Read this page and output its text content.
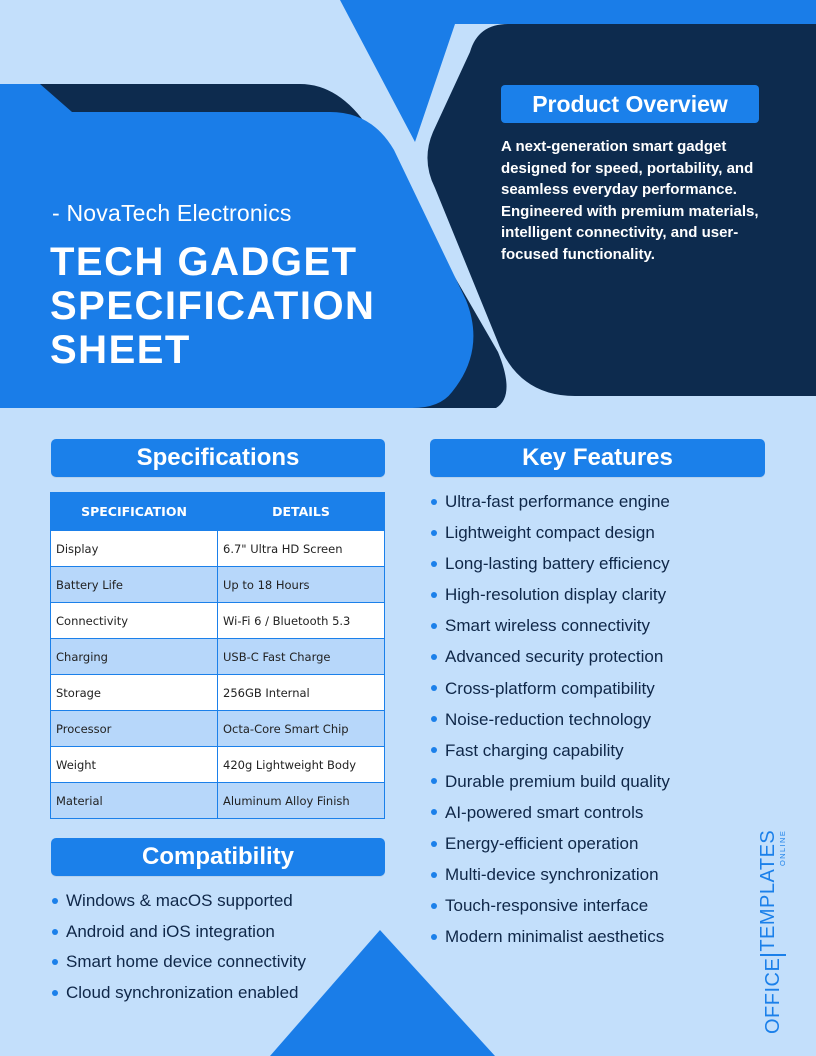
- NovaTech Electronics
TECH GADGET SPECIFICATION SHEET
Product Overview

A next-generation smart gadget designed for speed, portability, and seamless everyday performance. Engineered with premium materials, intelligent connectivity, and user-focused functionality.

Specifications
SPECIFICATION	DETAILS
Display	6.7" Ultra HD Screen
Battery Life	Up to 18 Hours
Connectivity	Wi-Fi 6 / Bluetooth 5.3
Charging	USB-C Fast Charge
Storage	256GB Internal
Processor	Octa-Core Smart Chip
Weight	420g Lightweight Body
Material	Aluminum Alloy Finish
Key Features
Ultra-fast performance engine
Lightweight compact design
Long-lasting battery efficiency
High-resolution display clarity
Smart wireless connectivity
Advanced security protection
Cross-platform compatibility
Noise-reduction technology
Fast charging capability
Durable premium build quality
AI-powered smart controls
Energy-efficient operation
Multi-device synchronization
Touch-responsive interface
Modern minimalist aesthetics
Compatibility
Windows & macOS supported
Android and iOS integration
Smart home device connectivity
Cloud synchronization enabled	OFFICE
TEMPLATES ONLINE
